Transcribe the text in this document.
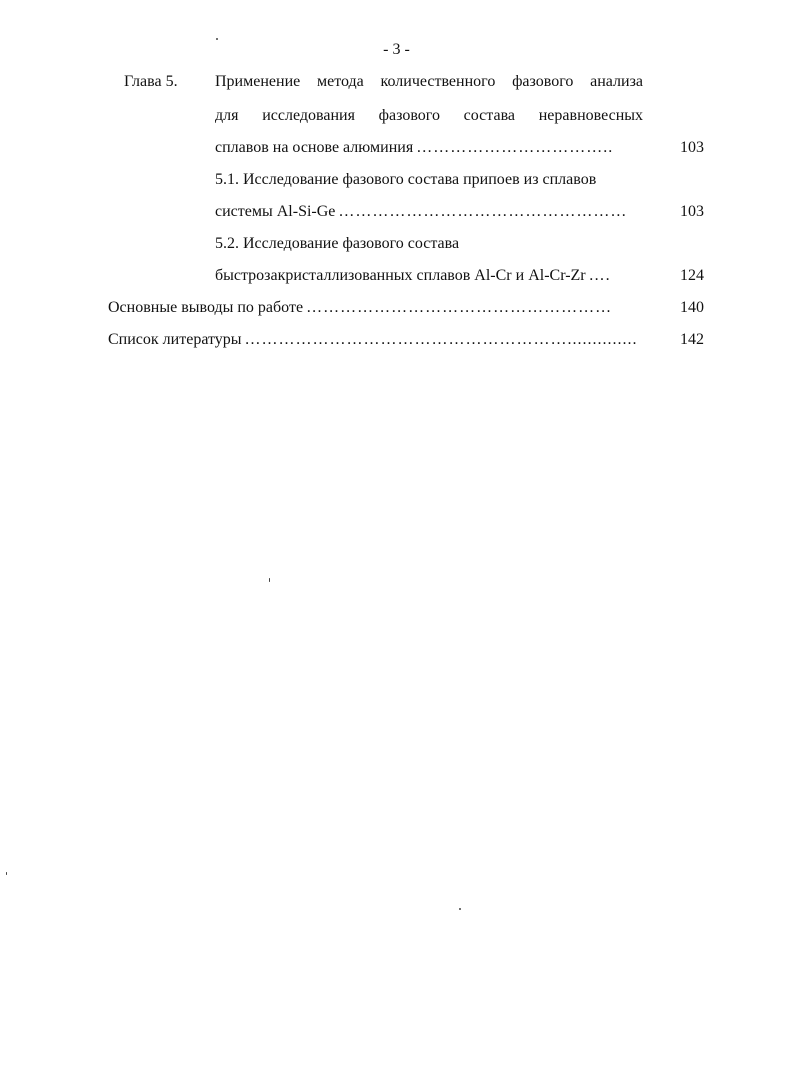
- 3 -
Глава 5. Применение метода количественного фазового анализа
для исследования фазового состава неравновесных
сплавов на основе алюминия ……………………………..	103
5.1. Исследование фазового состава припоев из сплавов
системы Al-Si-Ge ……………………………………………	103
5.2. Исследование фазового состава
быстрозакристаллизованных сплавов Al-Cr и Al-Cr-Zr ….	124
Основные выводы по работе ………………………………………………	140
Список литературы …………………………………………………..............	142
